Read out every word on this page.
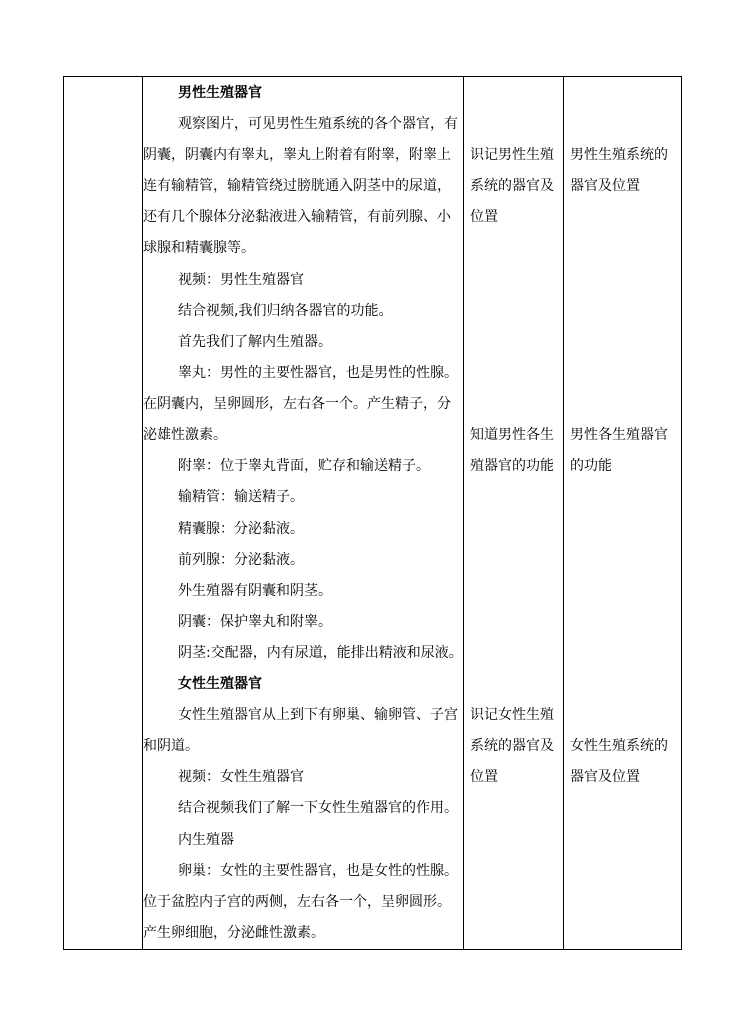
男性生殖器官
观察图片，可见男性生殖系统的各个器官，有
阴囊，阴囊内有睾丸，睾丸上附着有附睾，附睾上
连有输精管，输精管绕过膀胱通入阴茎中的尿道，
还有几个腺体分泌黏液进入输精管，有前列腺、小
球腺和精囊腺等。
视频：男性生殖器官
结合视频,我们归纳各器官的功能。
首先我们了解内生殖器。
睾丸：男性的主要性器官，也是男性的性腺。
在阴囊内，呈卵圆形，左右各一个。产生精子，分
泌雄性激素。
附睾：位于睾丸背面，贮存和输送精子。
输精管：输送精子。
精囊腺：分泌黏液。
前列腺：分泌黏液。
外生殖器有阴囊和阴茎。
阴囊：保护睾丸和附睾。
阴茎:交配器，内有尿道，能排出精液和尿液。
女性生殖器官
女性生殖器官从上到下有卵巢、输卵管、子宫
和阴道。
视频：女性生殖器官
结合视频我们了解一下女性生殖器官的作用。
内生殖器
卵巢：女性的主要性器官，也是女性的性腺。
位于盆腔内子宫的两侧，左右各一个，呈卵圆形。
产生卵细胞，分泌雌性激素。
识记男性生殖
系统的器官及
位置
知道男性各生
殖器官的功能
识记女性生殖
系统的器官及
位置
男性生殖系统的
器官及位置
男性各生殖器官
的功能
女性生殖系统的
器官及位置
